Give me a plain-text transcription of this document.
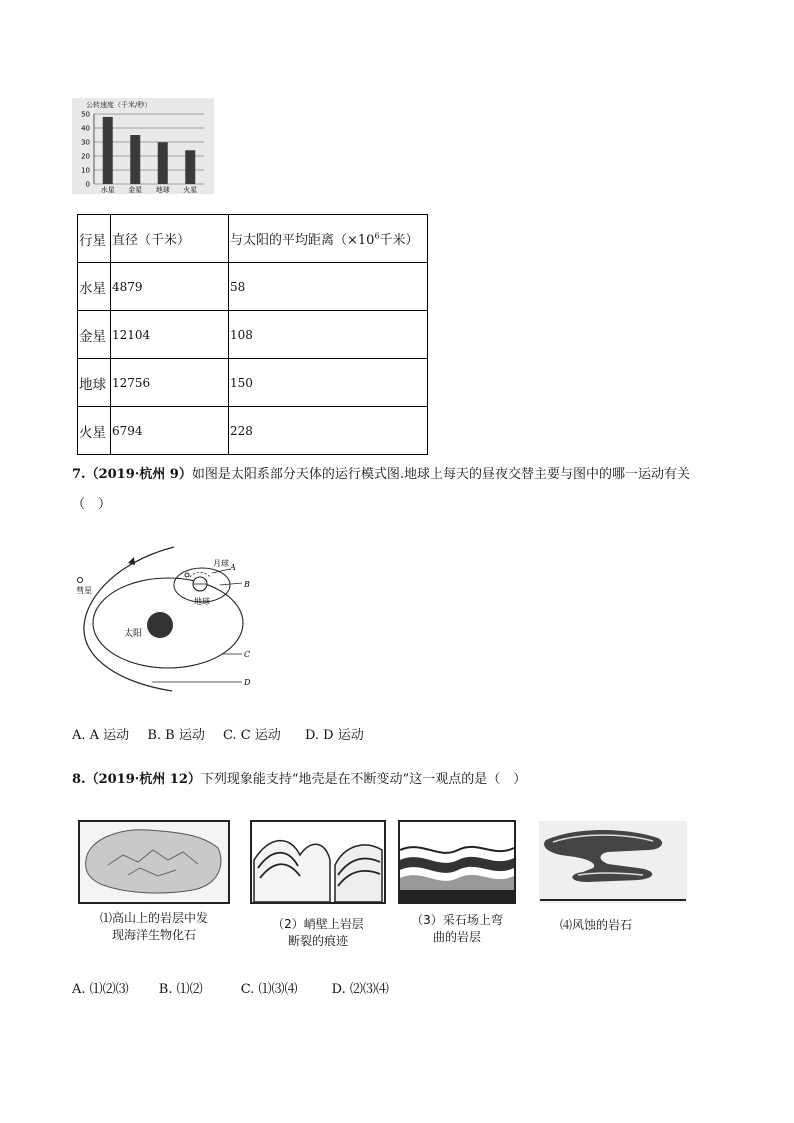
公转速度（千米/秒）
50
40
30
20
10
0
水星 金星 地球 火星
行星	直径（千米）	与太阳的平均距离（$\times 10^6$千米）
水星	4879	58
金星	12104	108
地球	12756	150
火星	6794	228
7.（2019·杭州 9）如图是太阳系部分天体的运行模式图.地球上每天的昼夜交替主要与图中的哪一运动有关
（　）
彗星
太阳
月球
地球
A
B
C
D
A. A 运动 B. B 运动 C. C 运动 D. D 运动
8.（2019·杭州 12）下列现象能支持“地壳是在不断变动”这一观点的是（　）
⑴高山上的岩层中发
现海洋生物化石
（2）峭壁上岩层
断裂的痕迹
（3）采石场上弯
曲的岩层
⑷风蚀的岩石
A. ⑴⑵⑶ B. ⑴⑵	C. ⑴⑶⑷	D. ⑵⑶⑷
